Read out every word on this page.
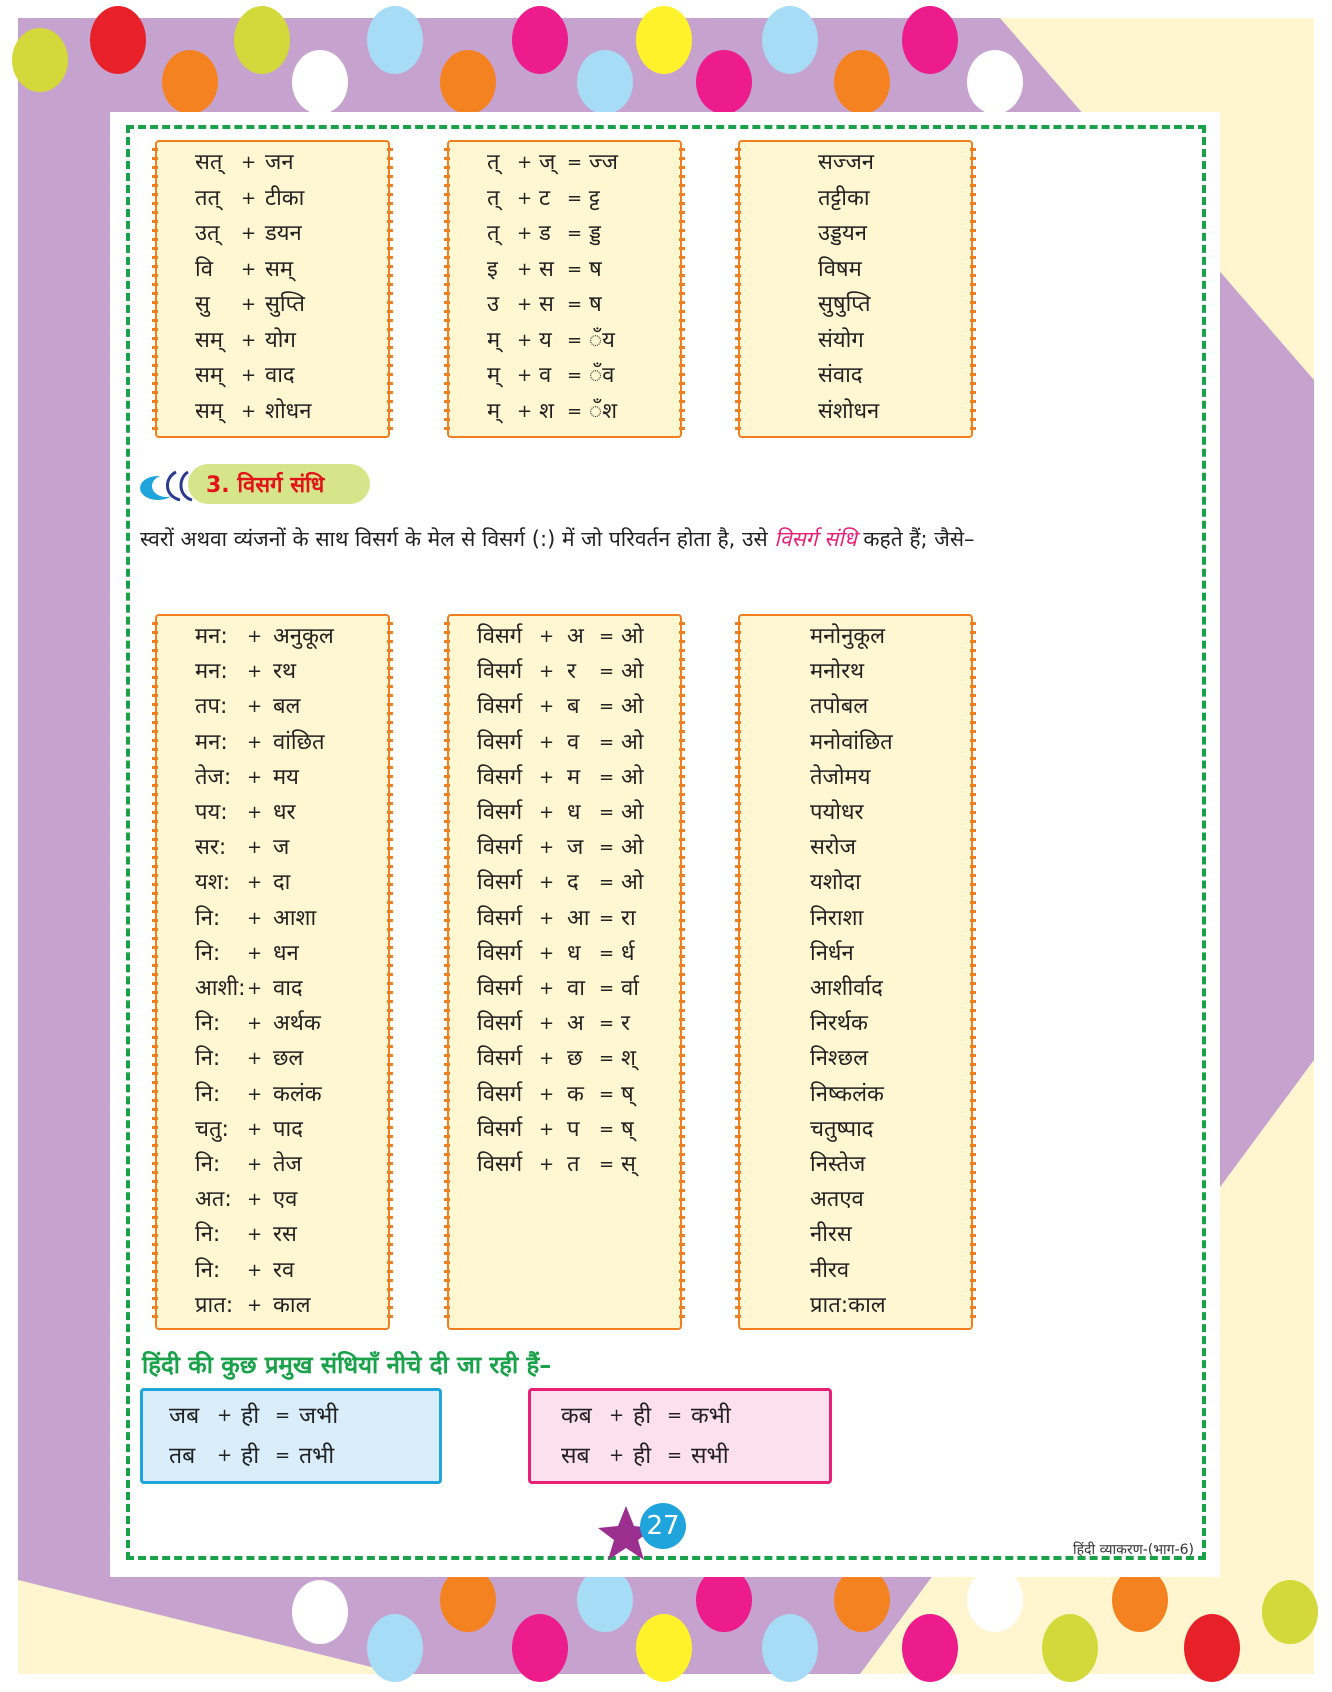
सत् + जन
तत् + टीका
उत् + डयन
वि + सम्
सु + सुप्ति
सम् + योग
सम् + वाद
सम् + शोधन
त् + ज् = ज्ज
त् + ट = ट्ट
त् + ड = ड्ड
इ + स = ष
उ + स = ष
म् + य = ँय
म् + व = ँव
म् + श = ँश
सज्जन
तट्टीका
उड्डयन
विषम
सुषुप्ति
संयोग
संवाद
संशोधन
3. विसर्ग संधि
स्वरों अथवा व्यंजनों के साथ विसर्ग के मेल से विसर्ग (:) में जो परिवर्तन होता है, उसे विसर्ग संधि कहते हैं; जैसे–
मन: + अनुकूल
मन: + रथ
तप: + बल
मन: + वांछित
तेज: + मय
पय: + धर
सर: + ज
यश: + दा
नि: + आशा
नि: + धन
आशी: + वाद
नि: + अर्थक
नि: + छल
नि: + कलंक
चतु: + पाद
नि: + तेज
अत: + एव
नि: + रस
नि: + रव
प्रात: + काल
विसर्ग + अ = ओ
विसर्ग + र = ओ
विसर्ग + ब = ओ
विसर्ग + व = ओ
विसर्ग + म = ओ
विसर्ग + ध = ओ
विसर्ग + ज = ओ
विसर्ग + द = ओ
विसर्ग + आ = रा
विसर्ग + ध = र्ध
विसर्ग + वा = र्वा
विसर्ग + अ = र
विसर्ग + छ = श्
विसर्ग + क = ष्
विसर्ग + प = ष्
विसर्ग + त = स्
मनोनुकूल
मनोरथ
तपोबल
मनोवांछित
तेजोमय
पयोधर
सरोज
यशोदा
निराशा
निर्धन
आशीर्वाद
निरर्थक
निश्छल
निष्कलंक
चतुष्पाद
निस्तेज
अतएव
नीरस
नीरव
प्रात:काल
हिंदी की कुछ प्रमुख संधियाँ नीचे दी जा रही हैं–
जब + ही = जभी
तब + ही = तभी
कब + ही = कभी
सब + ही = सभी
27
हिंदी व्याकरण-(भाग-6)
